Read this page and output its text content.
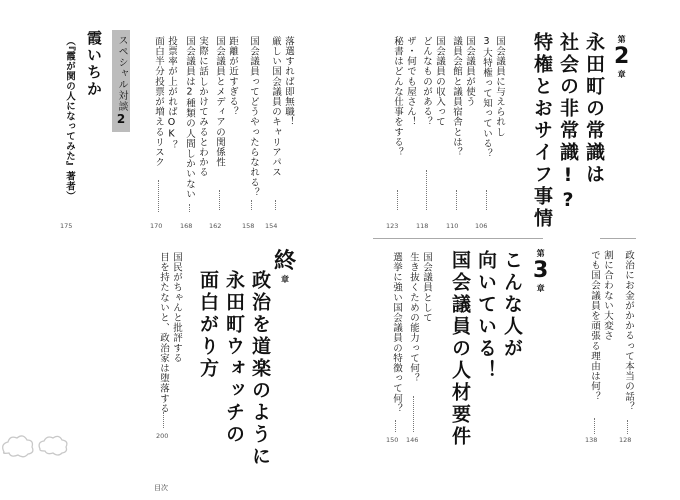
第
2
章
永田町の常識は
社会の非常識!?
特権とおサイフ事情
国会議員に与えられし
3大特権って知っている？
106
国会議員が使う
議員会館と議員宿舎とは？
110
国会議員の収入って
どんなものがある？
118
ザ・何でも屋さん！
秘書はどんな仕事をする？
123
落選すれば即無職！
厳しい国会議員のキャリアパス
154
国会議員ってどうやったらなれる？
158
距離が近すぎる？
国会議員とメディアの関係性
162
実際に話しかけてみるとわかる
国会議員は2種類の人間しかいない
168
投票率が上がればOK？
面白半分投票が増えるリスク
170
スペシャル対談2
霞いちか
（『霞が関の人になってみた』著者）
175
政治にお金がかかるって本当の話？
128
割に合わない大変さ
でも国会議員を頑張る理由は何？
138
第
3
章
こんな人が
向いている！
国会議員の人材要件
国会議員として
生き抜くための能力って何？
146
選挙に強い国会議員の特徴って何？
150
終
章
政治を道楽のように
永田町ウォッチの
面白がり方
国民がちゃんと批評する
目を持たないと、政治家は堕落する
200
目次
